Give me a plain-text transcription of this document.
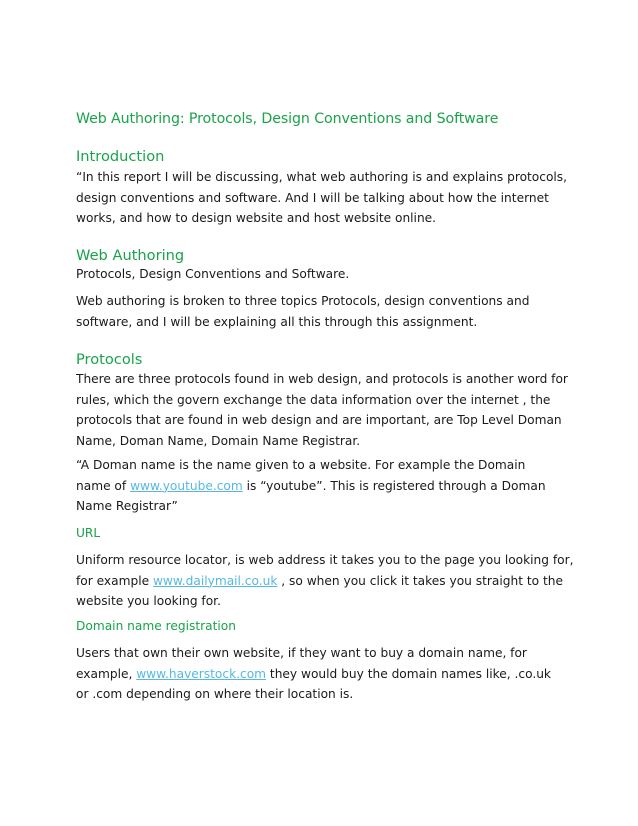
Web Authoring: Protocols, Design Conventions and Software
Introduction
“In this report I will be discussing, what web authoring is and explains protocols,
design conventions and software. And I will be talking about how the internet
works, and how to design website and host website online.
Web Authoring
Protocols, Design Conventions and Software.
Web authoring is broken to three topics Protocols, design conventions and
software, and I will be explaining all this through this assignment.
Protocols
There are three protocols found in web design, and protocols is another word for
rules, which the govern exchange the data information over the internet , the
protocols that are found in web design and are important, are Top Level Doman
Name, Doman Name, Domain Name Registrar.
“A Doman name is the name given to a website. For example the Domain
name of www.youtube.com is “youtube”. This is registered through a Doman
Name Registrar”
URL
Uniform resource locator, is web address it takes you to the page you looking for,
for example www.dailymail.co.uk , so when you click it takes you straight to the
website you looking for.
Domain name registration
Users that own their own website, if they want to buy a domain name, for
example, www.haverstock.com they would buy the domain names like, .co.uk
or .com depending on where their location is.
